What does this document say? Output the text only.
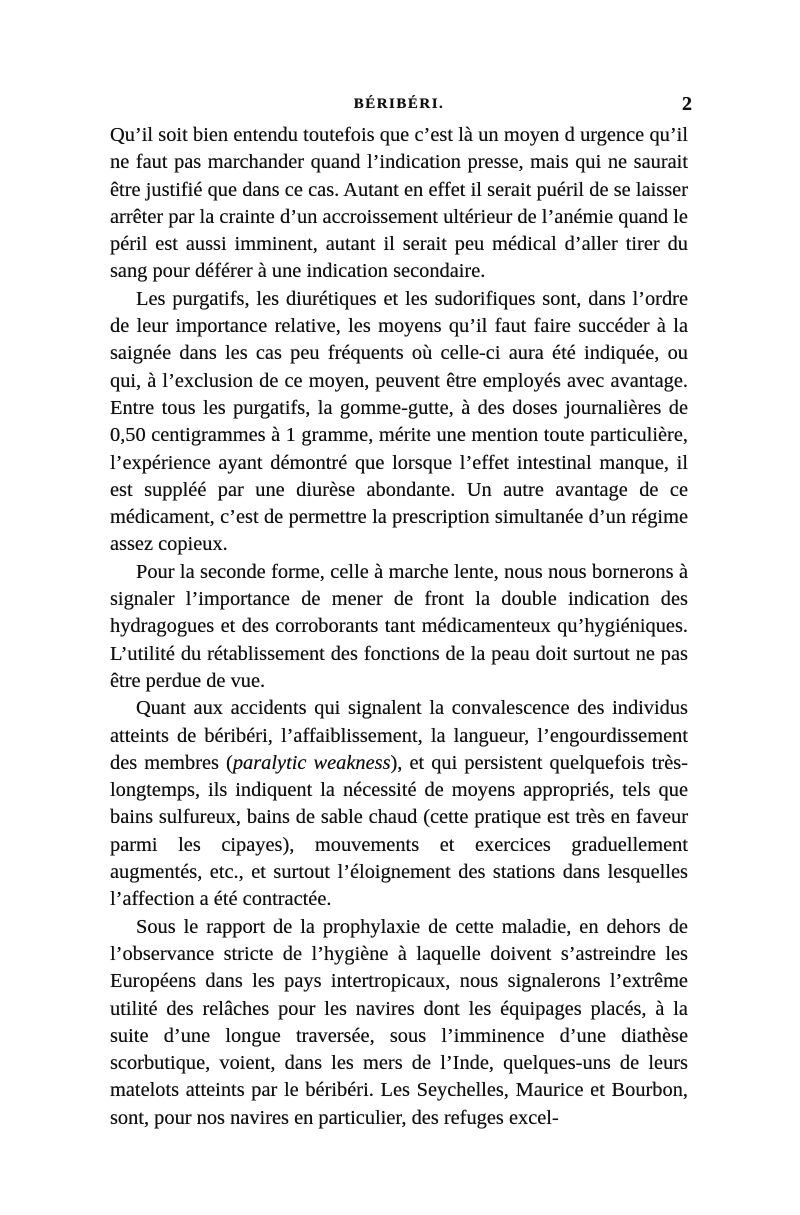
BÉRIBÉRI.	2

Qu’il soit bien entendu toutefois que c’est là un moyen d urgence qu’il ne faut pas marchander quand l’indication presse, mais qui ne saurait être justifié que dans ce cas. Autant en effet il serait puéril de se laisser arrêter par la crainte d’un accroissement ultérieur de l’anémie quand le péril est aussi imminent, autant il serait peu médical d’aller tirer du sang pour déférer à une indication secondaire.

Les purgatifs, les diurétiques et les sudorifiques sont, dans l’ordre de leur importance relative, les moyens qu’il faut faire succéder à la saignée dans les cas peu fréquents où celle-ci aura été indiquée, ou qui, à l’exclusion de ce moyen, peuvent être employés avec avantage. Entre tous les purgatifs, la gomme-gutte, à des doses journalières de 0,50 centigrammes à 1 gramme, mérite une mention toute particulière, l’expérience ayant démontré que lorsque l’effet intestinal manque, il est suppléé par une diurèse abondante. Un autre avantage de ce médicament, c’est de permettre la prescription simultanée d’un régime assez copieux.

Pour la seconde forme, celle à marche lente, nous nous bornerons à signaler l’importance de mener de front la double indication des hydragogues et des corroborants tant médicamenteux qu’hygiéniques. L’utilité du rétablissement des fonctions de la peau doit surtout ne pas être perdue de vue.

Quant aux accidents qui signalent la convalescence des individus atteints de béribéri, l’affaiblissement, la langueur, l’engourdissement des membres (paralytic weakness), et qui persistent quelquefois très-longtemps, ils indiquent la nécessité de moyens appropriés, tels que bains sulfureux, bains de sable chaud (cette pratique est très en faveur parmi les cipayes), mouvements et exercices graduellement augmentés, etc., et surtout l’éloignement des stations dans lesquelles l’affection a été contractée.

Sous le rapport de la prophylaxie de cette maladie, en dehors de l’observance stricte de l’hygiène à laquelle doivent s’astreindre les Européens dans les pays intertropicaux, nous signalerons l’extrême utilité des relâches pour les navires dont les équipages placés, à la suite d’une longue traversée, sous l’imminence d’une diathèse scorbutique, voient, dans les mers de l’Inde, quelques-uns de leurs matelots atteints par le béribéri. Les Seychelles, Maurice et Bourbon, sont, pour nos navires en particulier, des refuges excel-
